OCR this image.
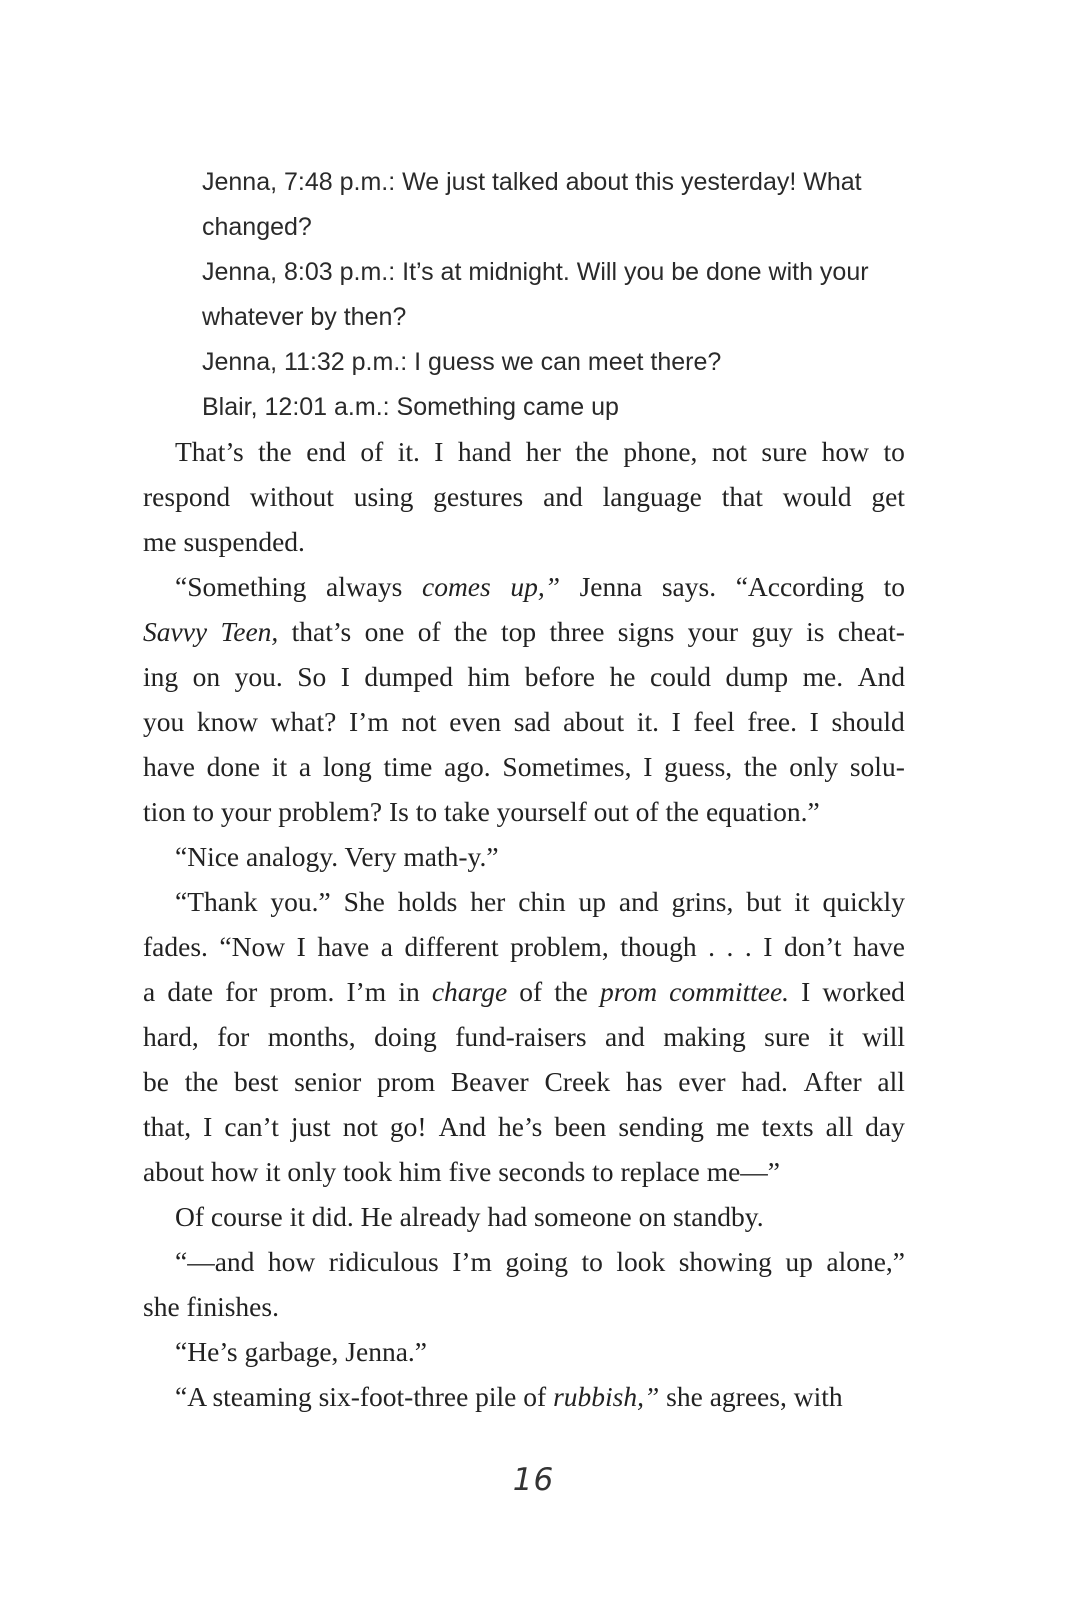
Jenna, 7:48 p.m.: We just talked about this yesterday! What
changed?
Jenna, 8:03 p.m.: It’s at midnight. Will you be done with your
whatever by then?
Jenna, 11:32 p.m.: I guess we can meet there?
Blair, 12:01 a.m.: Something came up
That’s the end of it. I hand her the phone, not sure how to
respond without using gestures and language that would get
me suspended.
“Something always comes up,” Jenna says. “According to
Savvy Teen, that’s one of the top three signs your guy is cheat-
ing on you. So I dumped him before he could dump me. And
you know what? I’m not even sad about it. I feel free. I should
have done it a long time ago. Sometimes, I guess, the only solu-
tion to your problem? Is to take yourself out of the equation.”
“Nice analogy. Very math-y.”
“Thank you.” She holds her chin up and grins, but it quickly
fades. “Now I have a different problem, though . . . I don’t have
a date for prom. I’m in charge of the prom committee. I worked
hard, for months, doing fund-raisers and making sure it will
be the best senior prom Beaver Creek has ever had. After all
that, I can’t just not go! And he’s been sending me texts all day
about how it only took him five seconds to replace me—”
Of course it did. He already had someone on standby.
“—and how ridiculous I’m going to look showing up alone,”
she finishes.
“He’s garbage, Jenna.”
“A steaming six-foot-three pile of rubbish,” she agrees, with
16
